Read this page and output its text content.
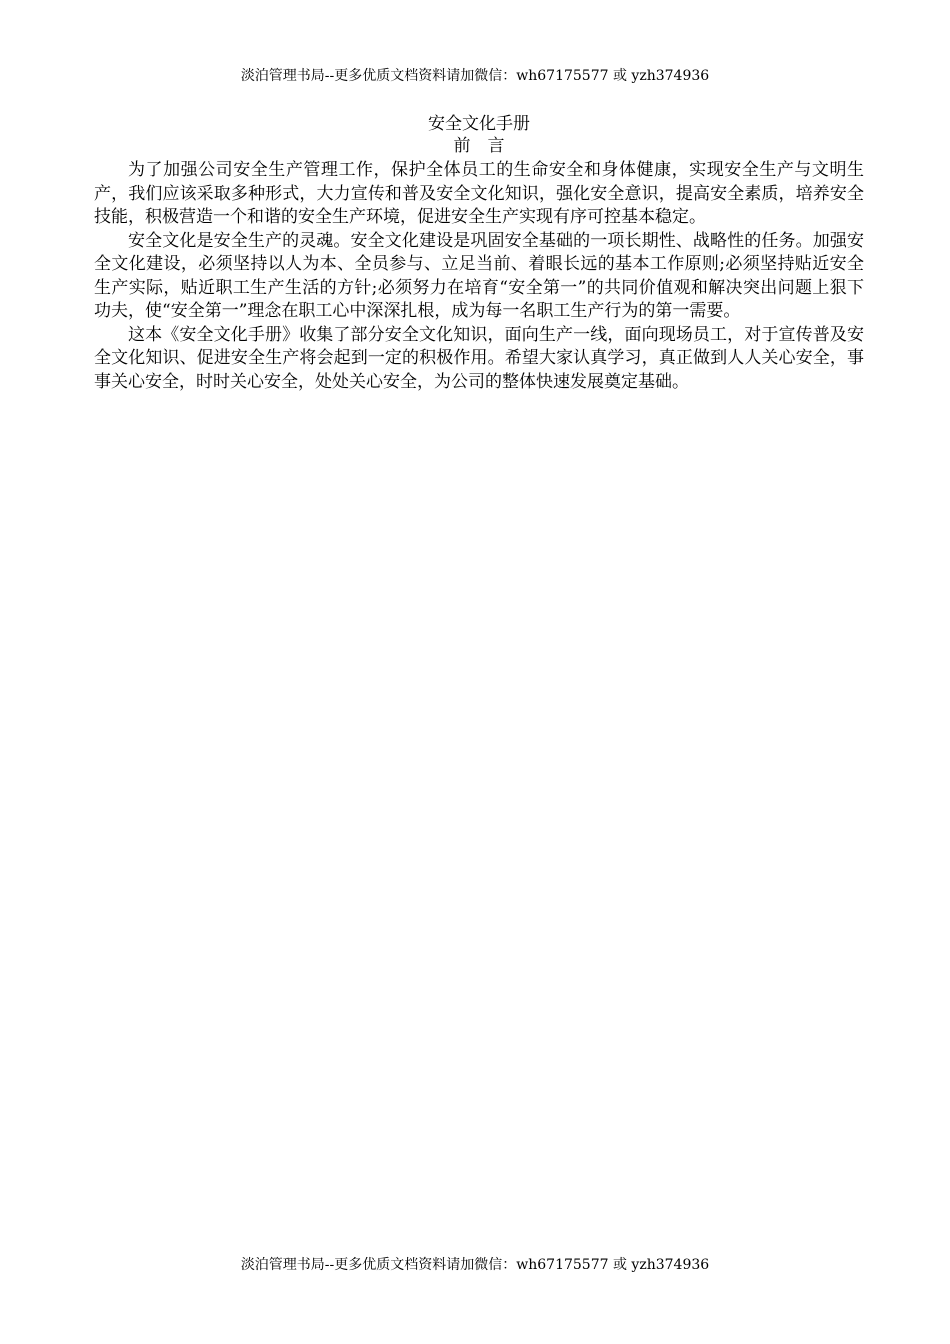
淡泊管理书局--更多优质文档资料请加微信：wh67175577 或 yzh374936

安全文化手册

前　言

为了加强公司安全生产管理工作，保护全体员工的生命安全和身体健康，实现安全生产与文明生产，我们应该采取多种形式，大力宣传和普及安全文化知识，强化安全意识，提高安全素质，培养安全技能，积极营造一个和谐的安全生产环境，促进安全生产实现有序可控基本稳定。

安全文化是安全生产的灵魂。安全文化建设是巩固安全基础的一项长期性、战略性的任务。加强安全文化建设，必须坚持以人为本、全员参与、立足当前、着眼长远的基本工作原则;必须坚持贴近安全生产实际，贴近职工生产生活的方针;必须努力在培育“安全第一”的共同价值观和解决突出问题上狠下功夫，使“安全第一”理念在职工心中深深扎根，成为每一名职工生产行为的第一需要。

这本《安全文化手册》收集了部分安全文化知识，面向生产一线，面向现场员工，对于宣传普及安全文化知识、促进安全生产将会起到一定的积极作用。希望大家认真学习，真正做到人人关心安全，事事关心安全，时时关心安全，处处关心安全，为公司的整体快速发展奠定基础。

淡泊管理书局--更多优质文档资料请加微信：wh67175577 或 yzh374936
